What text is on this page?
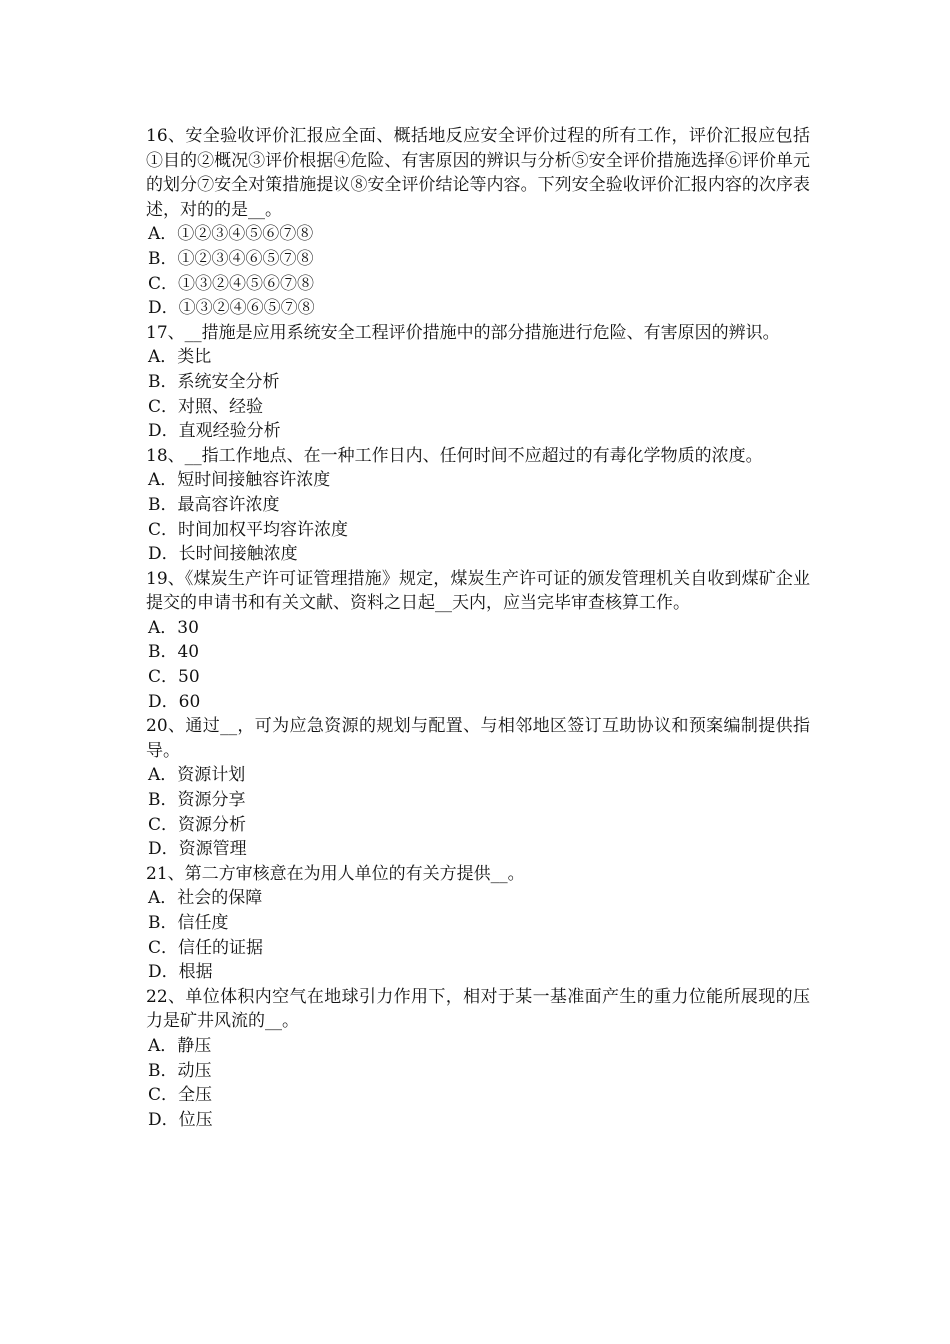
16、安全验收评价汇报应全面、概括地反应安全评价过程的所有工作，评价汇报应包括①目的②概况③评价根据④危险、有害原因的辨识与分析⑤安全评价措施选择⑥评价单元的划分⑦安全对策措施提议⑧安全评价结论等内容。下列安全验收评价汇报内容的次序表述，对的的是__。

A．①②③④⑤⑥⑦⑧
B．①②③④⑥⑤⑦⑧
C．①③②④⑤⑥⑦⑧
D．①③②④⑥⑤⑦⑧

17、__措施是应用系统安全工程评价措施中的部分措施进行危险、有害原因的辨识。

A．类比
B．系统安全分析
C．对照、经验
D．直观经验分析

18、__指工作地点、在一种工作日内、任何时间不应超过的有毒化学物质的浓度。

A．短时间接触容许浓度
B．最高容许浓度
C．时间加权平均容许浓度
D．长时间接触浓度

19、《煤炭生产许可证管理措施》规定，煤炭生产许可证的颁发管理机关自收到煤矿企业提交的申请书和有关文献、资料之日起__天内，应当完毕审查核算工作。

A．30
B．40
C．50
D．60

20、通过__，可为应急资源的规划与配置、与相邻地区签订互助协议和预案编制提供指导。

A．资源计划
B．资源分享
C．资源分析
D．资源管理

21、第二方审核意在为用人单位的有关方提供__。

A．社会的保障
B．信任度
C．信任的证据
D．根据

22、单位体积内空气在地球引力作用下，相对于某一基准面产生的重力位能所展现的压力是矿井风流的__。

A．静压
B．动压
C．全压
D．位压
